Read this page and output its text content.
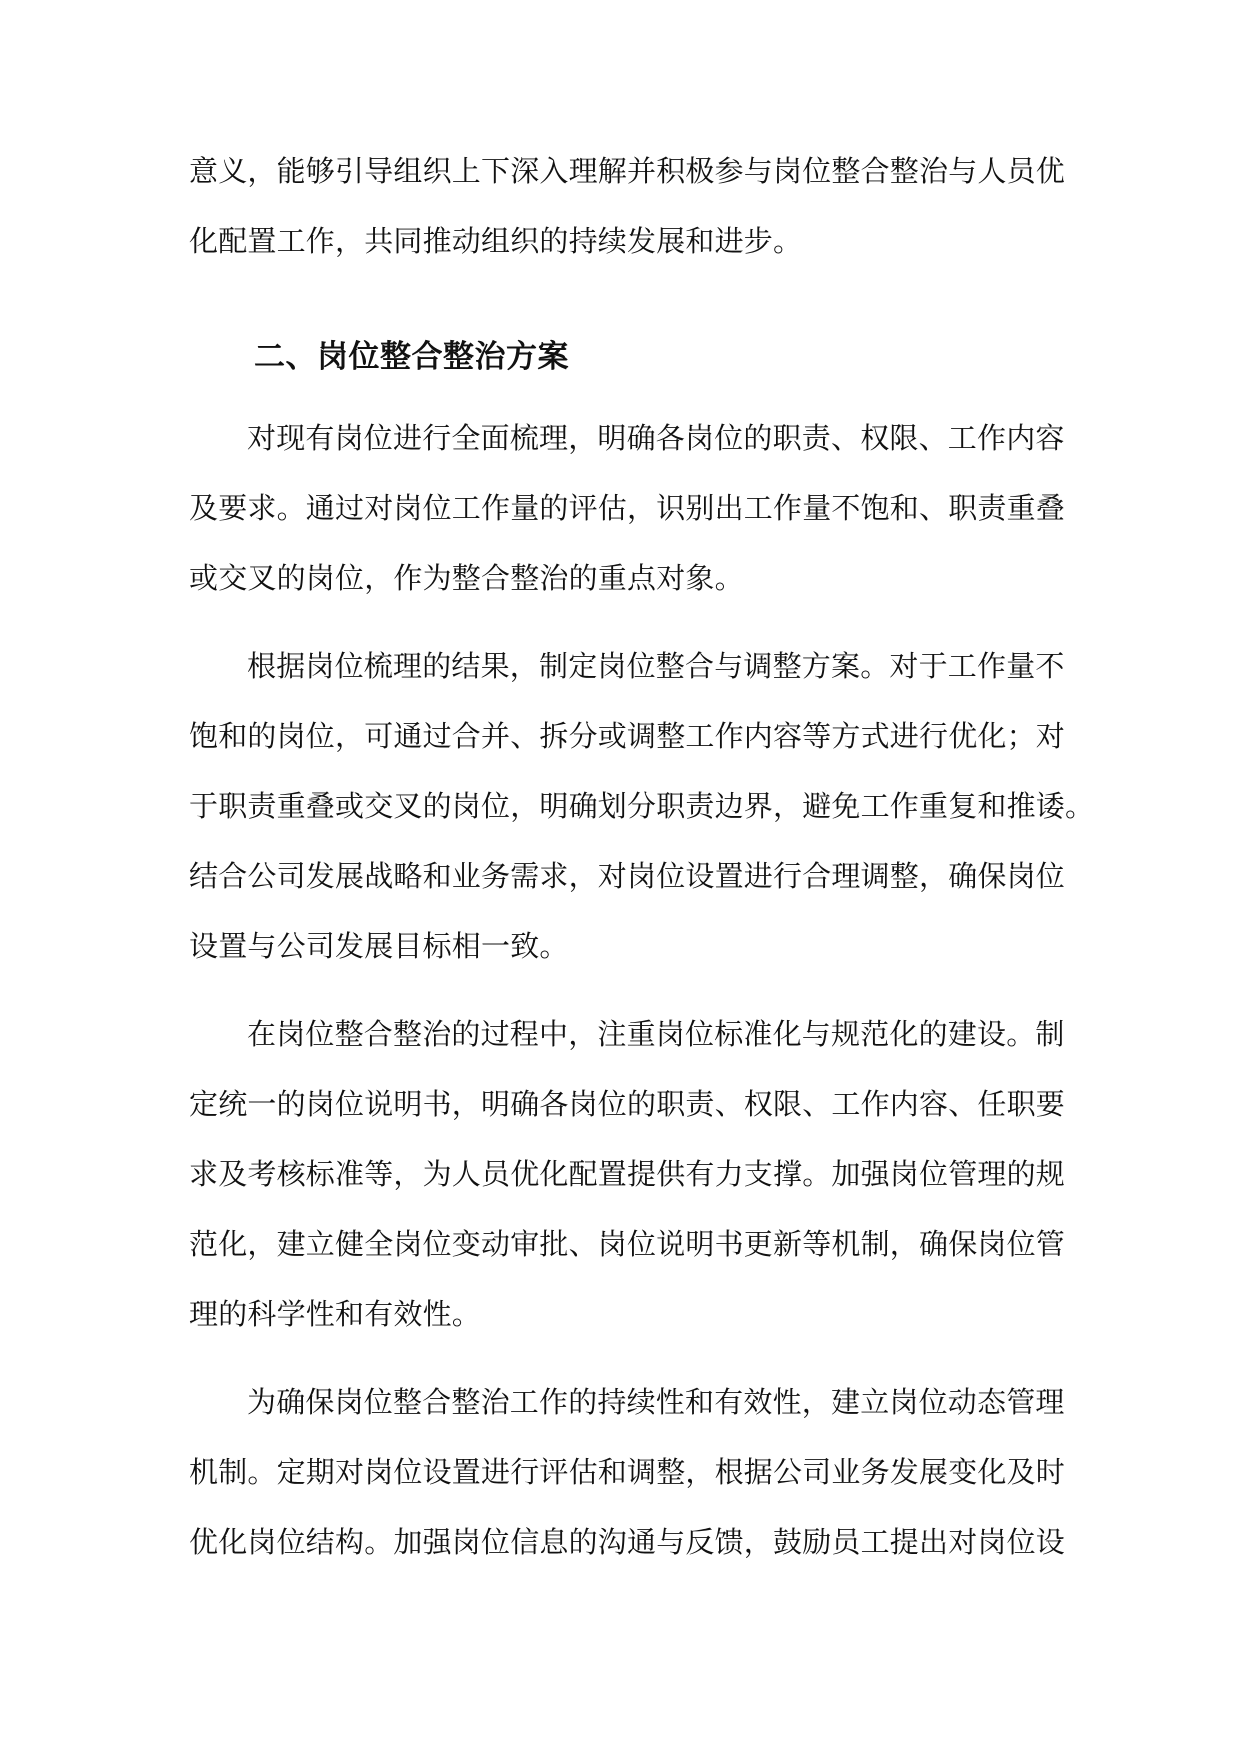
意义，能够引导组织上下深入理解并积极参与岗位整合整治与人员优
化配置工作，共同推动组织的持续发展和进步。
二、岗位整合整治方案
对现有岗位进行全面梳理，明确各岗位的职责、权限、工作内容
及要求。通过对岗位工作量的评估，识别出工作量不饱和、职责重叠
或交叉的岗位，作为整合整治的重点对象。
根据岗位梳理的结果，制定岗位整合与调整方案。对于工作量不
饱和的岗位，可通过合并、拆分或调整工作内容等方式进行优化；对
于职责重叠或交叉的岗位，明确划分职责边界，避免工作重复和推诿。
结合公司发展战略和业务需求，对岗位设置进行合理调整，确保岗位
设置与公司发展目标相一致。
在岗位整合整治的过程中，注重岗位标准化与规范化的建设。制
定统一的岗位说明书，明确各岗位的职责、权限、工作内容、任职要
求及考核标准等，为人员优化配置提供有力支撑。加强岗位管理的规
范化，建立健全岗位变动审批、岗位说明书更新等机制，确保岗位管
理的科学性和有效性。
为确保岗位整合整治工作的持续性和有效性，建立岗位动态管理
机制。定期对岗位设置进行评估和调整，根据公司业务发展变化及时
优化岗位结构。加强岗位信息的沟通与反馈，鼓励员工提出对岗位设
